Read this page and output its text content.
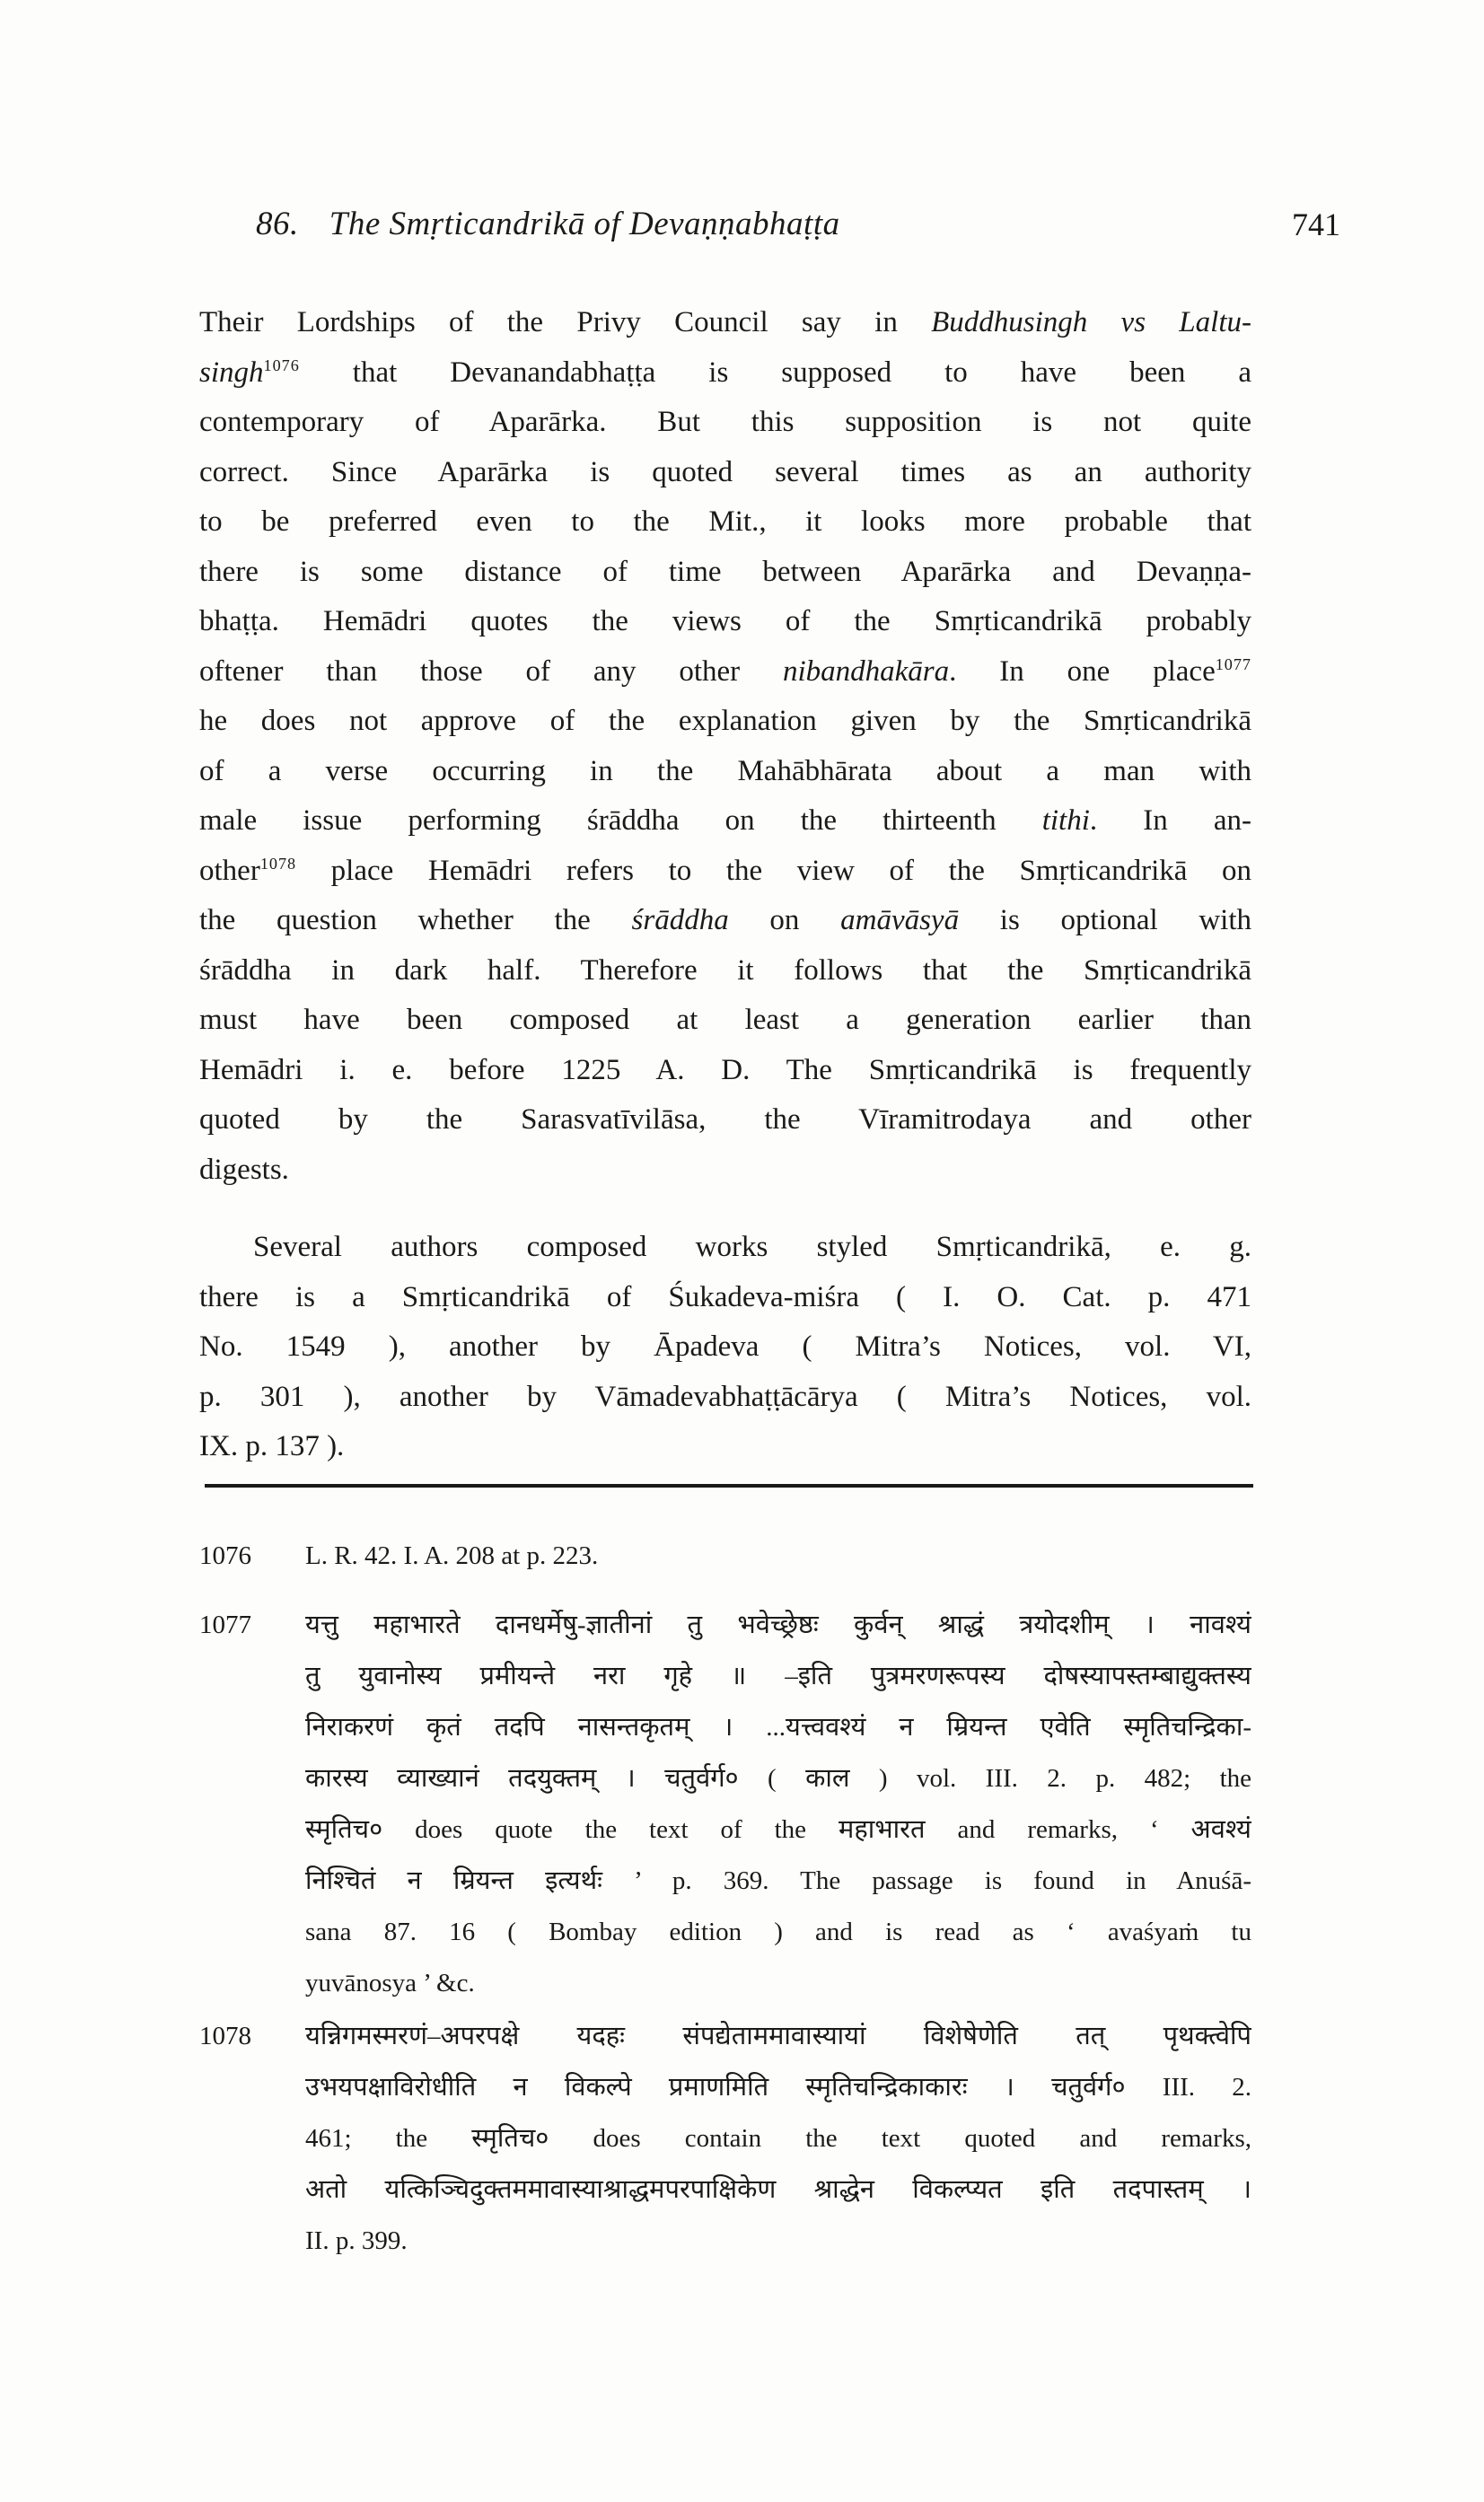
86. The Smṛticandrikā of Devaṇṇabhaṭṭa	741
Their Lordships of the Privy Council say in Buddhusingh vs Laltu-
singh$^{1076}$ that Devanandabhaṭṭa is supposed to have been a
contemporary of Aparārka. But this supposition is not quite
correct. Since Aparārka is quoted several times as an authority
to be preferred even to the Mit., it looks more probable that
there is some distance of time between Aparārka and Devaṇṇa-
bhaṭṭa. Hemādri quotes the views of the Smṛticandrikā probably
oftener than those of any other nibandhakāra. In one place$^{1077}$
he does not approve of the explanation given by the Smṛticandrikā
of a verse occurring in the Mahābhārata about a man with
male issue performing śrāddha on the thirteenth tithi. In an-
other$^{1078}$ place Hemādri refers to the view of the Smṛticandrikā on
the question whether the śrāddha on amāvāsyā is optional with
śrāddha in dark half. Therefore it follows that the Smṛticandrikā
must have been composed at least a generation earlier than
Hemādri i. e. before 1225 A. D. The Smṛticandrikā is frequently
quoted by the Sarasvatīvilāsa, the Vīramitrodaya and other
digests.
Several authors composed works styled Smṛticandrikā, e. g.
there is a Smṛticandrikā of Śukadeva-miśra ( I. O. Cat. p. 471
No. 1549 ), another by Āpadeva ( Mitra’s Notices, vol. VI,
p. 301 ), another by Vāmadevabhaṭṭācārya ( Mitra’s Notices, vol.
IX. p. 137 ).
1076	L. R. 42. I. A. 208 at p. 223.
1077	यत्तु महाभारते दानधर्मेषु-ज्ञातीनां तु भवेच्छ्रेष्ठः कुर्वन् श्राद्धं त्रयोदशीम् । नावश्यं
तु युवानोस्य प्रमीयन्ते नरा गृहे ॥ –इति पुत्रमरणरूपस्य दोषस्यापस्तम्बाद्युक्तस्य
निराकरणं कृतं तदपि नासन्तकृतम् । ...यत्त्ववश्यं न म्रियन्त एवेति स्मृतिचन्द्रिका-
कारस्य व्याख्यानं तदयुक्तम् । चतुर्वर्ग० ( काल ) vol. III. 2. p. 482; the
स्मृतिच० does quote the text of the महाभारत and remarks, ‘ अवश्यं
निश्चितं न म्रियन्त इत्यर्थः ’ p. 369. The passage is found in Anuśā-
sana 87. 16 ( Bombay edition ) and is read as ‘ avaśyaṁ tu
yuvānosya ’ &c.
1078	यन्निगमस्मरणं–अपरपक्षे यदहः संपद्येताममावास्यायां विशेषेणेति तत् पृथक्त्वेपि
उभयपक्षाविरोधीति न विकल्पे प्रमाणमिति स्मृतिचन्द्रिकाकारः । चतुर्वर्ग० III. 2.
461; the स्मृतिच० does contain the text quoted and remarks,
अतो यत्किञ्चिदुक्तममावास्याश्राद्धमपरपाक्षिकेण श्राद्धेन विकल्प्यत इति तदपास्तम् ।
II. p. 399.
